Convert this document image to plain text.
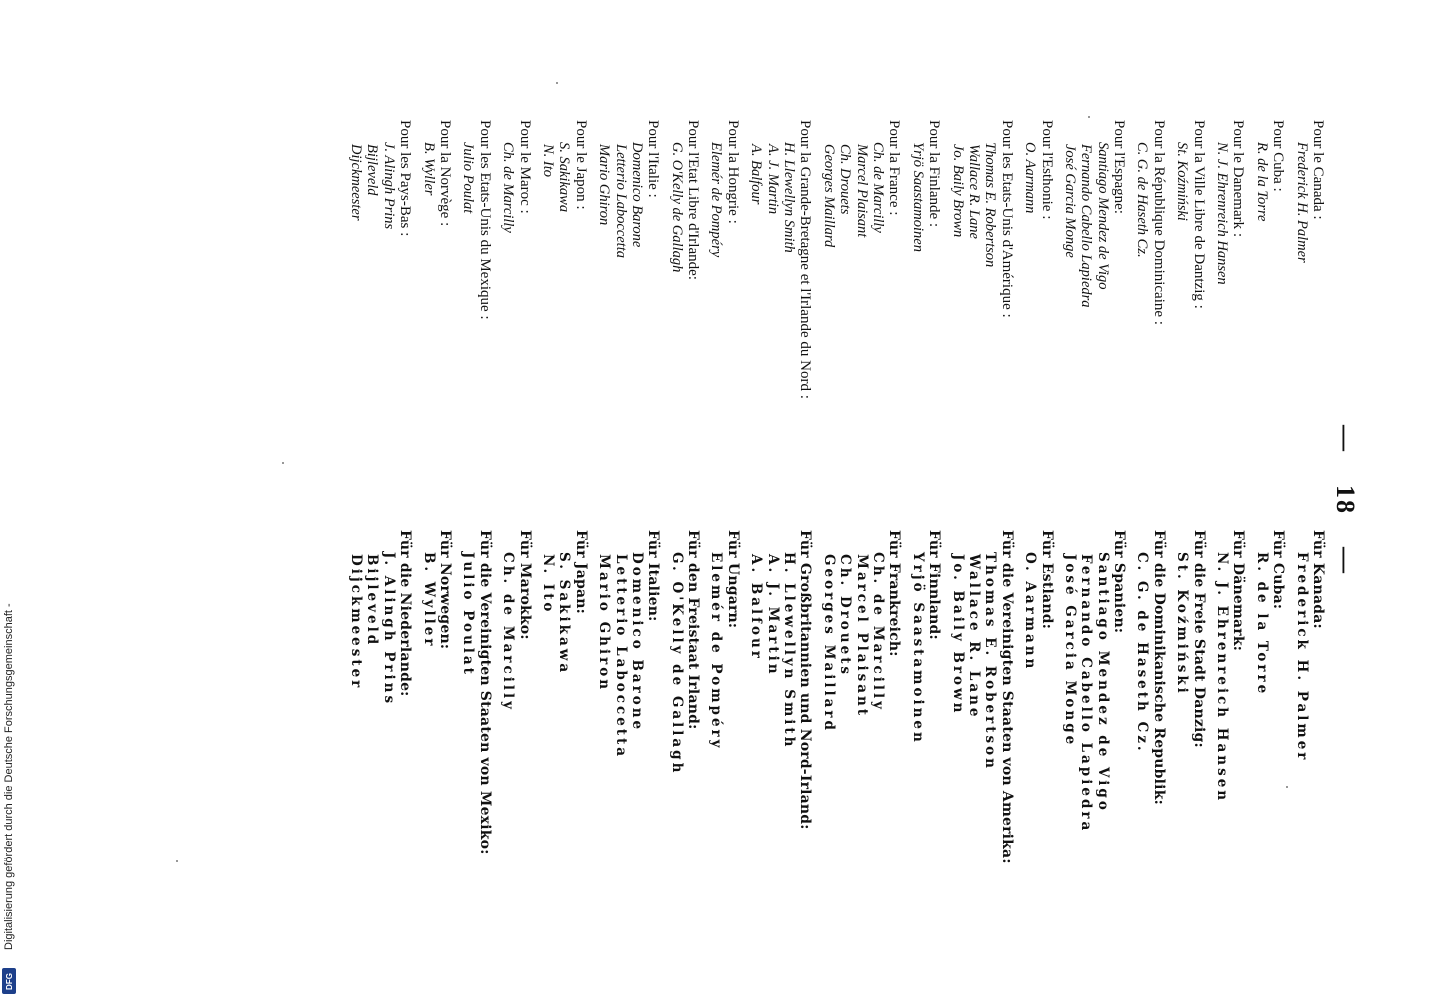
—18—
Pour le Canada :
Frederick H. Palmer
Pour Cuba :
R. de la Torre
Pour le Danemark :
N. J. Ehrenreich Hansen
Pour la Ville Libre de Dantzig :
St. Koźmiński
Pour la République Dominicaine :
C. G. de Haseth Cz.
Pour l'Espagne:
Santiago Mendez de Vigo
Fernando Cabello Lapiedra
José Garcia Monge
Pour l'Esthonie :
O. Aarmann
Pour les Etats-Unis d'Amérique :
Thomas E. Robertson
Wallace R. Lane
Jo. Baily Brown
Pour la Finlande :
Yrjö Saastamoinen
Pour la France :
Ch. de Marcilly
Marcel Plaisant
Ch. Drouets
Georges Maillard
Pour la Grande-Bretagne et l'Irlande du Nord :
H. Llewellyn Smith
A. J. Martin
A. Balfour
Pour la Hongrie :
Elemér de Pompéry
Pour l'Etat Libre d'Irlande:
G. O'Kelly de Gallagh
Pour l'Italie :
Domenico Barone
Letterio Laboccetta
Mario Ghiron
Pour le Japon :
S. Sakikawa
N. Ito
Pour le Maroc :
Ch. de Marcilly
Pour les Etats-Unis du Mexique :
Julio Poulat
Pour la Norvège :
B. Wyller
Pour les Pays-Bas :
J. Alingh Prins
Bijleveld
Dijckmeester
Für Kanada:
Frederick H. Palmer
Für Cuba:
R. de la Torre
Für Dänemark:
N. J. Ehrenreich Hansen
Für die Freie Stadt Danzig:
St. Koźmiński
Für die Dominikanische Republik:
C. G. de Haseth Cz.
Für Spanien:
Santiago Mendez de Vigo
Fernando Cabello Lapiedra
José Garcia Monge
Für Estland:
O. Aarmann
Für die Vereinigten Staaten von Amerika:
Thomas E. Robertson
Wallace R. Lane
Jo. Baily Brown
Für Finnland:
Yrjö Saastamoinen
Für Frankreich:
Ch. de Marcilly
Marcel Plaisant
Ch. Drouets
Georges Maillard
Für Großbritannien und Nord-Irland:
H. Llewellyn Smith
A. J. Martin
A. Balfour
Für Ungarn:
Elemér de Pompéry
Für den Freistaat Irland:
G. O'Kelly de Gallagh
Für Italien:
Domenico Barone
Letterio Laboccetta
Mario Ghiron
Für Japan:
S. Sakikawa
N. Ito
Für Marokko:
Ch. de Marcilly
Für die Vereinigten Staaten von Mexiko:
Julio Poulat
Für Norwegen:
B. Wyller
Für die Niederlande:
J. Alingh Prins
Bijleveld
Dijckmeester
Digitalisierung gefördert durch die Deutsche Forschungsgemeinschaft -
DFG
